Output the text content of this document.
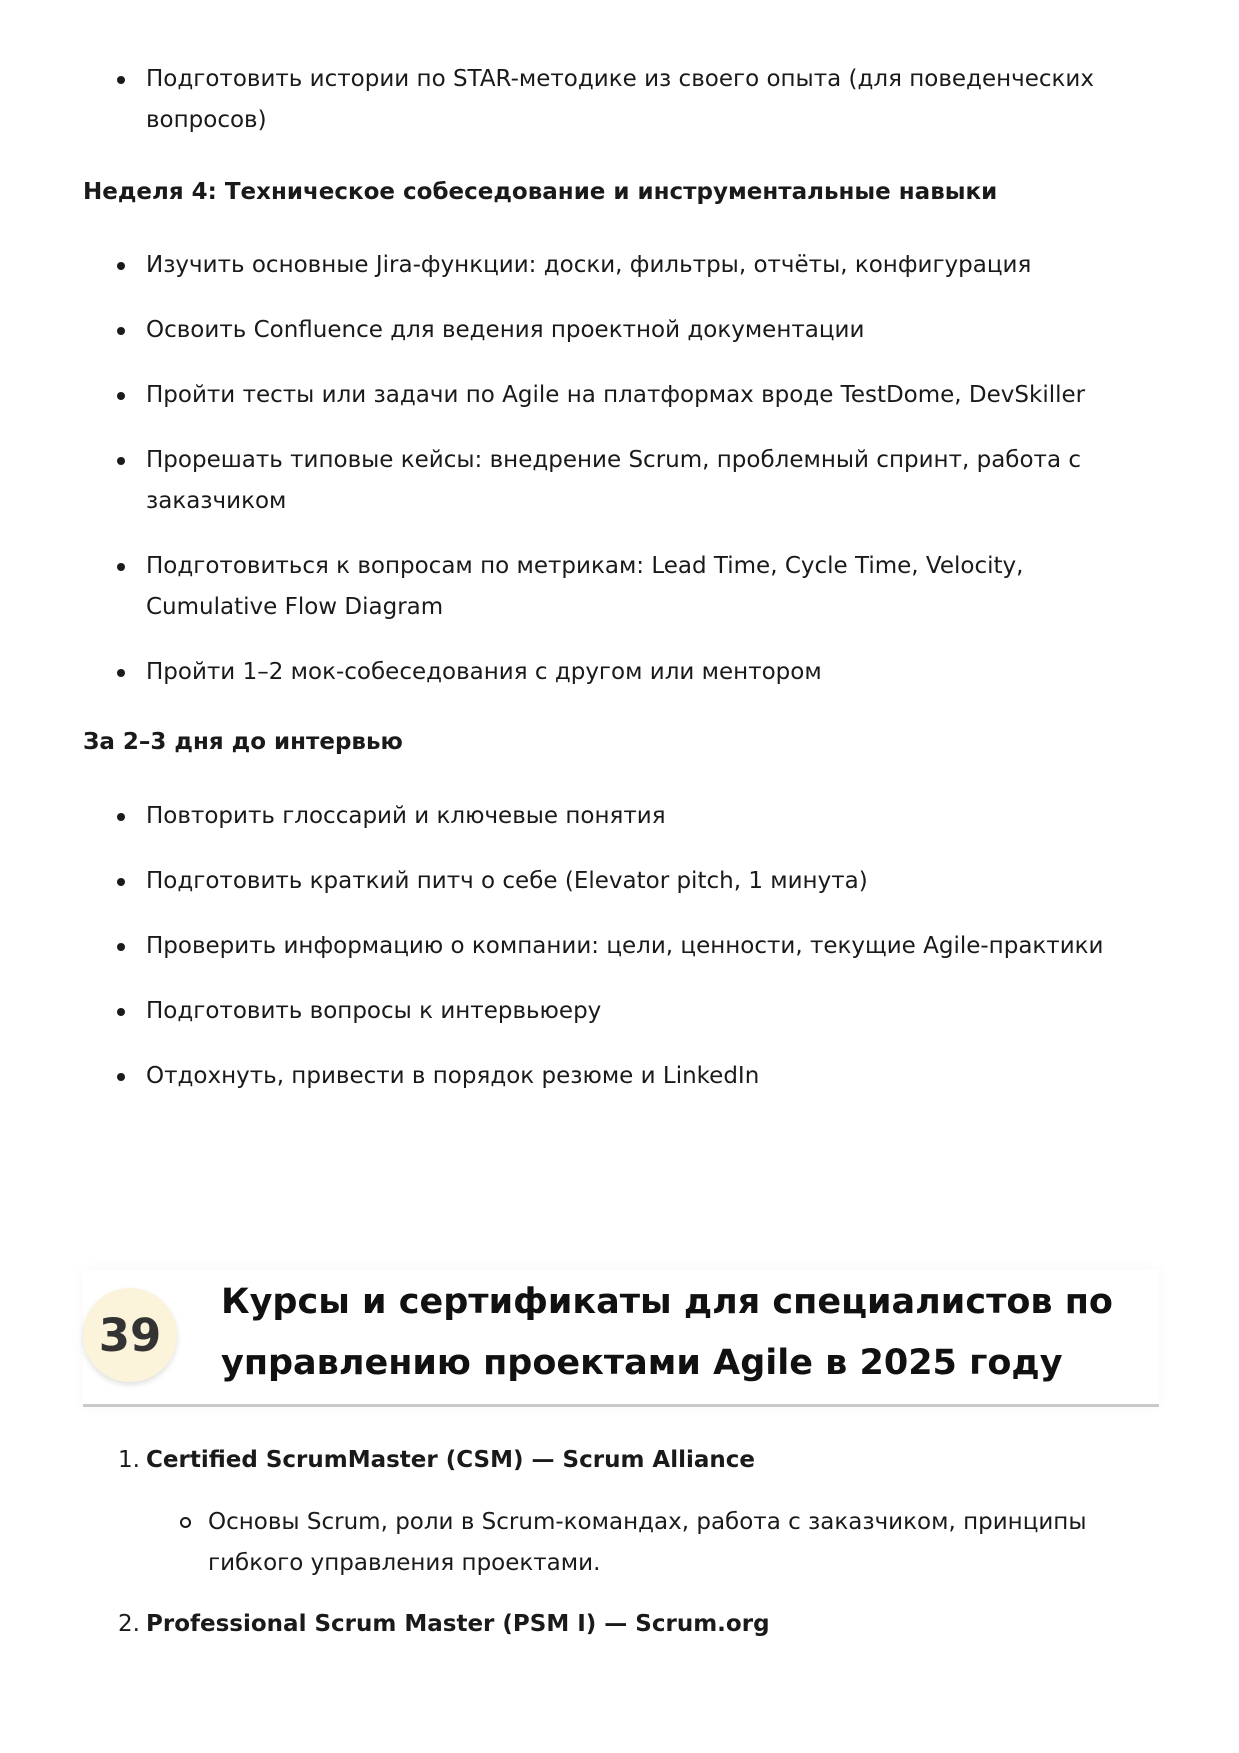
Подготовить истории по STAR-методике из своего опыта (для поведенческих вопросов)
Неделя 4: Техническое собеседование и инструментальные навыки
Изучить основные Jira-функции: доски, фильтры, отчёты, конфигурация
Освоить Confluence для ведения проектной документации
Пройти тесты или задачи по Agile на платформах вроде TestDome, DevSkiller
Прорешать типовые кейсы: внедрение Scrum, проблемный спринт, работа с заказчиком
Подготовиться к вопросам по метрикам: Lead Time, Cycle Time, Velocity, Cumulative Flow Diagram
Пройти 1–2 мок-собеседования с другом или ментором
За 2–3 дня до интервью
Повторить глоссарий и ключевые понятия
Подготовить краткий питч о себе (Elevator pitch, 1 минута)
Проверить информацию о компании: цели, ценности, текущие Agile-практики
Подготовить вопросы к интервьюеру
Отдохнуть, привести в порядок резюме и LinkedIn
39
Курсы и сертификаты для специалистов по управлению проектами Agile в 2025 году
1. Certified ScrumMaster (CSM) — Scrum Alliance
Основы Scrum, роли в Scrum-командах, работа с заказчиком, принципы гибкого управления проектами.
2. Professional Scrum Master (PSM I) — Scrum.org
